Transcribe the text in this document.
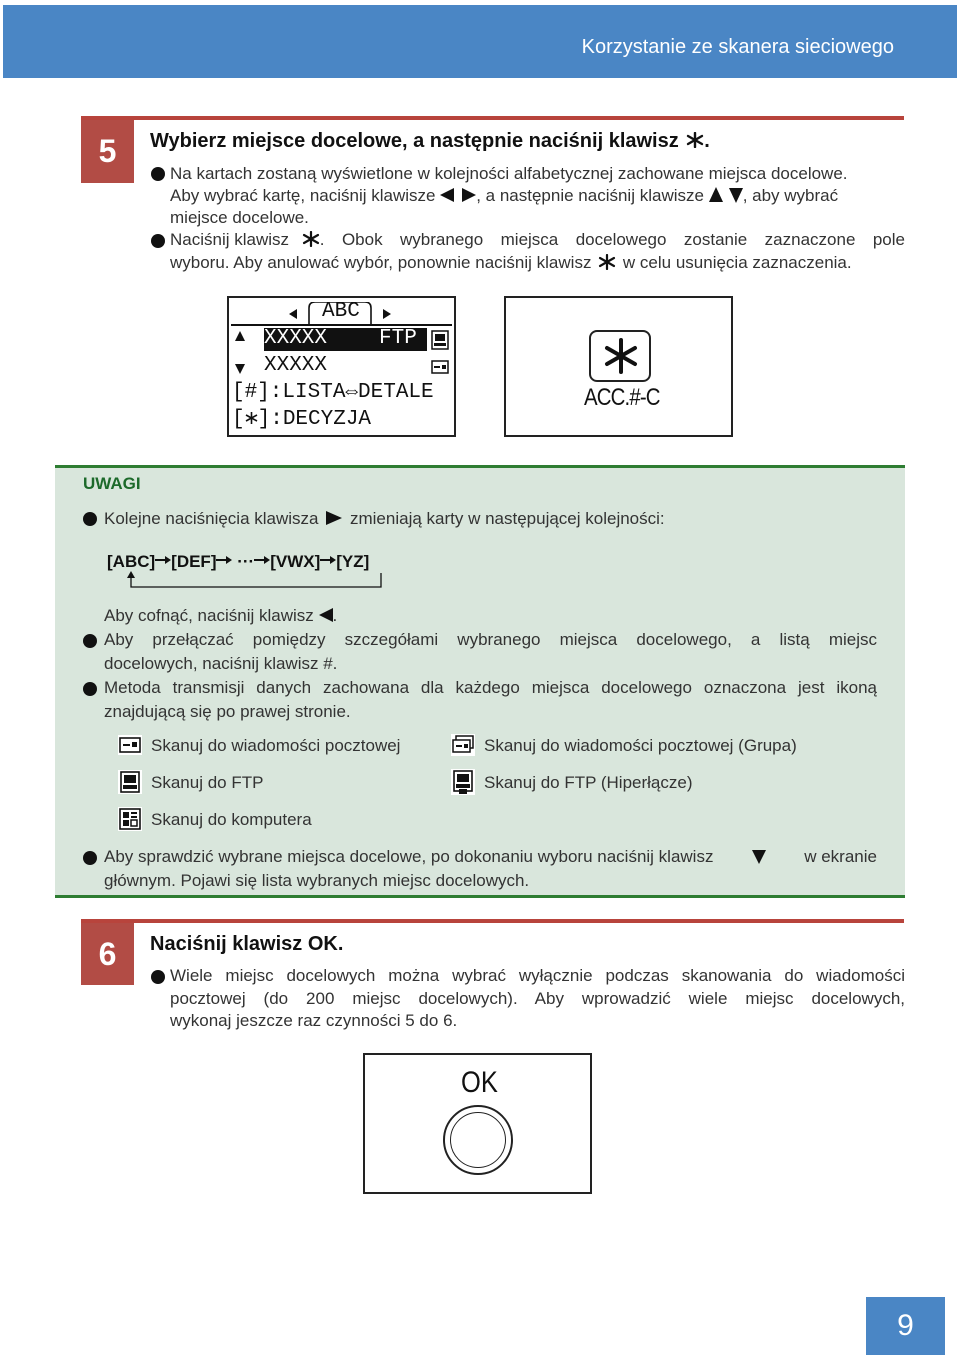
Korzystanie ze skanera sieciowego
5	Wybierz miejsce docelowe, a następnie naciśnij klawisz .
Na kartach zostaną wyświetlone w kolejności alfabetycznej zachowane miejsca docelowe.
Aby wybrać kartę, naciśnij klawisze , a następnie naciśnij klawisze , aby wybrać
miejsce docelowe.
Naciśnij klawisz	. Obok wybranego miejsca docelowego zostanie zaznaczone pole
wyboru. Aby anulować wybór, ponownie naciśnij klawisz w celu usunięcia zaznaczenia.
ABC
XXXXX FTP
XXXXX
[#]:LISTA⇔DETALE
[ ]:DECYZJA
ACC.#-C
UWAGI
Kolejne naciśnięcia klawisza zmieniają karty w następującej kolejności:
[ABC] [DEF] ··· [VWX] [YZ]
Aby cofnąć, naciśnij klawisz .
Aby przełączać pomiędzy szczegółami wybranego miejsca docelowego, a listą miejsc
docelowych, naciśnij klawisz #.
Metoda transmisji danych zachowana dla każdego miejsca docelowego oznaczona jest ikoną
znajdującą się po prawej stronie.
Skanuj do wiadomości pocztowej	Skanuj do wiadomości pocztowej (Grupa)
Skanuj do FTP	Skanuj do FTP (Hiperłącze)
Skanuj do komputera
Aby sprawdzić wybrane miejsca docelowe, po dokonaniu wyboru naciśnij klawisz	w ekranie
głównym. Pojawi się lista wybranych miejsc docelowych.
6	Naciśnij klawisz OK.
Wiele miejsc docelowych można wybrać wyłącznie podczas skanowania do wiadomości
pocztowej (do 200 miejsc docelowych). Aby wprowadzić wiele miejsc docelowych,
wykonaj jeszcze raz czynności 5 do 6.
OK
9
